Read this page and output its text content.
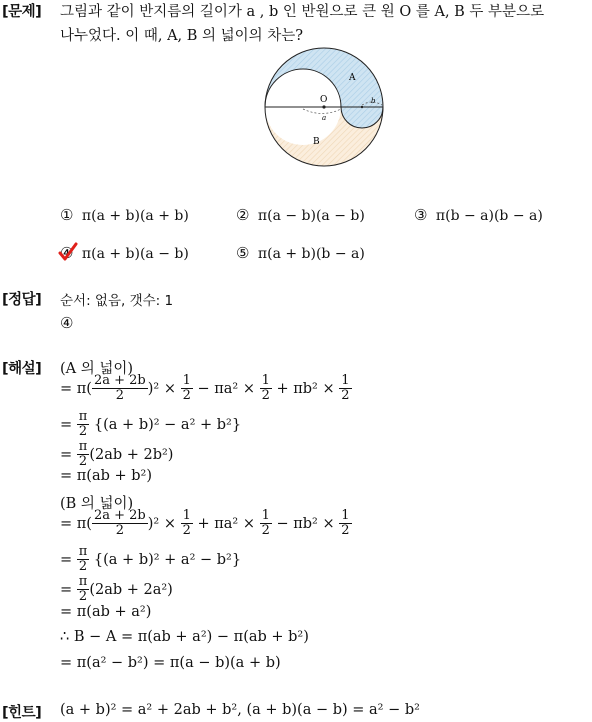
[문제]
[정답]
[해설]
[힌트]
그림과 같이 반지름의 길이가 a , b 인 반원으로 큰 원 O 를 A, B 두 부분으로
나누었다. 이 때, A, B 의 넓이의 차는?
O
A
B
a
b
① π(a + b)(a + b)	② π(a − b)(a − b)	③ π(b − a)(b − a)
④ π(a + b)(a − b)	⑤ π(a + b)(b − a)
순서: 없음, 갯수: 1
④
(A 의 넓이)
= $\pi( \frac{2a + 2b}{2} )^2 \times \frac{1}{2} - \pi a^2 \times \frac{1}{2} + \pi b^2 \times \frac{1}{2}$
= $\frac{\pi}{2} \{(a + b)^2 - a^2 + b^2\}$
= $\frac{\pi}{2} (2ab + 2b^2)$
= π(ab + b²)
(B 의 넓이)
= $\pi( \frac{2a + 2b}{2} )^2 \times \frac{1}{2} + \pi a^2 \times \frac{1}{2} - \pi b^2 \times \frac{1}{2}$
= $\frac{\pi}{2} \{(a + b)^2 + a^2 - b^2\}$
= $\frac{\pi}{2} (2ab + 2a^2)$
= π(ab + a²)
∴ B − A = π(ab + a²) − π(ab + b²)
= π(a² − b²) = π(a − b)(a + b)
(a + b)² = a² + 2ab + b², (a + b)(a − b) = a² − b²
